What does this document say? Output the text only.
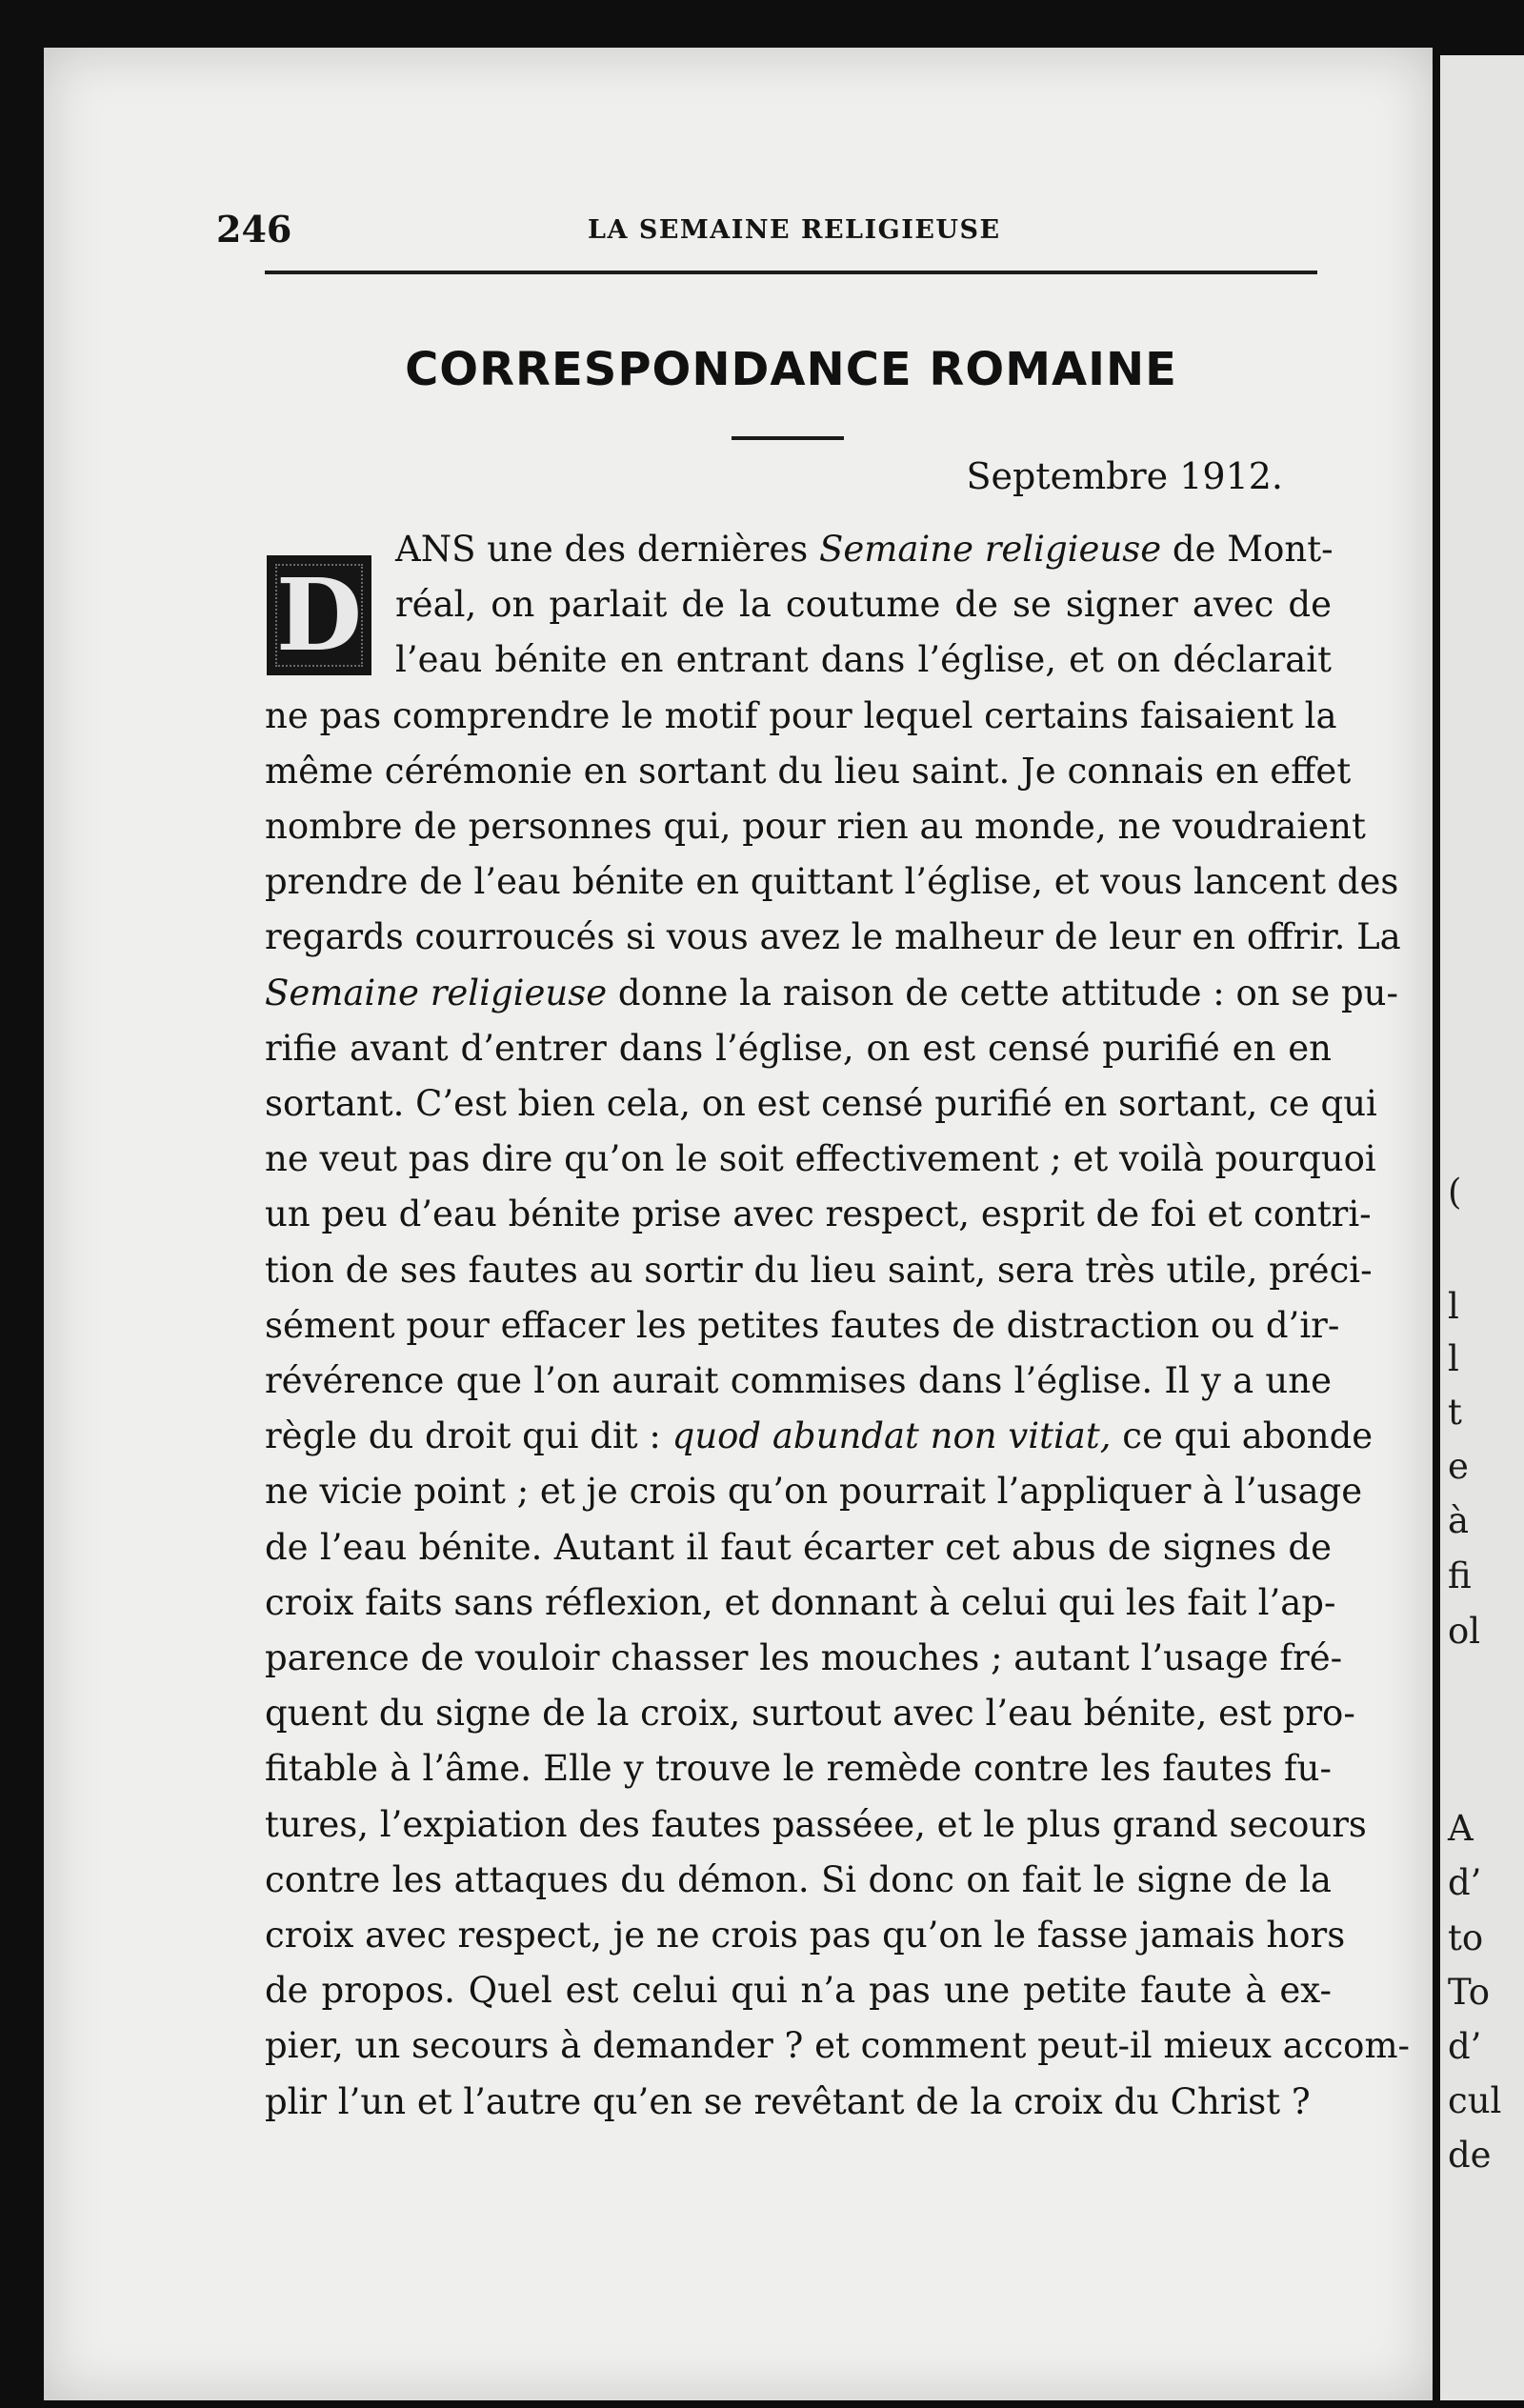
(
l
l
t
e
à
fi
ol
A
d’
to
To
d’
cul
de
246	LA SEMAINE RELIGIEUSE
CORRESPONDANCE ROMAINE
Septembre 1912.
D
ANS une des dernières Semaine religieuse de Mont-
réal, on parlait de la coutume de se signer avec de
l’eau bénite en entrant dans l’église, et on déclarait
ne pas comprendre le motif pour lequel certains faisaient la
même cérémonie en sortant du lieu saint. Je connais en effet
nombre de personnes qui, pour rien au monde, ne voudraient
prendre de l’eau bénite en quittant l’église, et vous lancent des
regards courroucés si vous avez le malheur de leur en offrir. La
Semaine religieuse donne la raison de cette attitude : on se pu-
rifie avant d’entrer dans l’église, on est censé purifié en en
sortant. C’est bien cela, on est censé purifié en sortant, ce qui
ne veut pas dire qu’on le soit effectivement ; et voilà pourquoi
un peu d’eau bénite prise avec respect, esprit de foi et contri-
tion de ses fautes au sortir du lieu saint, sera très utile, préci-
sément pour effacer les petites fautes de distraction ou d’ir-
révérence que l’on aurait commises dans l’église. Il y a une
règle du droit qui dit : quod abundat non vitiat, ce qui abonde
ne vicie point ; et je crois qu’on pourrait l’appliquer à l’usage
de l’eau bénite. Autant il faut écarter cet abus de signes de
croix faits sans réflexion, et donnant à celui qui les fait l’ap-
parence de vouloir chasser les mouches ; autant l’usage fré-
quent du signe de la croix, surtout avec l’eau bénite, est pro-
fitable à l’âme. Elle y trouve le remède contre les fautes fu-
tures, l’expiation des fautes passéee, et le plus grand secours
contre les attaques du démon. Si donc on fait le signe de la
croix avec respect, je ne crois pas qu’on le fasse jamais hors
de propos. Quel est celui qui n’a pas une petite faute à ex-
pier, un secours à demander ? et comment peut-il mieux accom-
plir l’un et l’autre qu’en se revêtant de la croix du Christ ?
